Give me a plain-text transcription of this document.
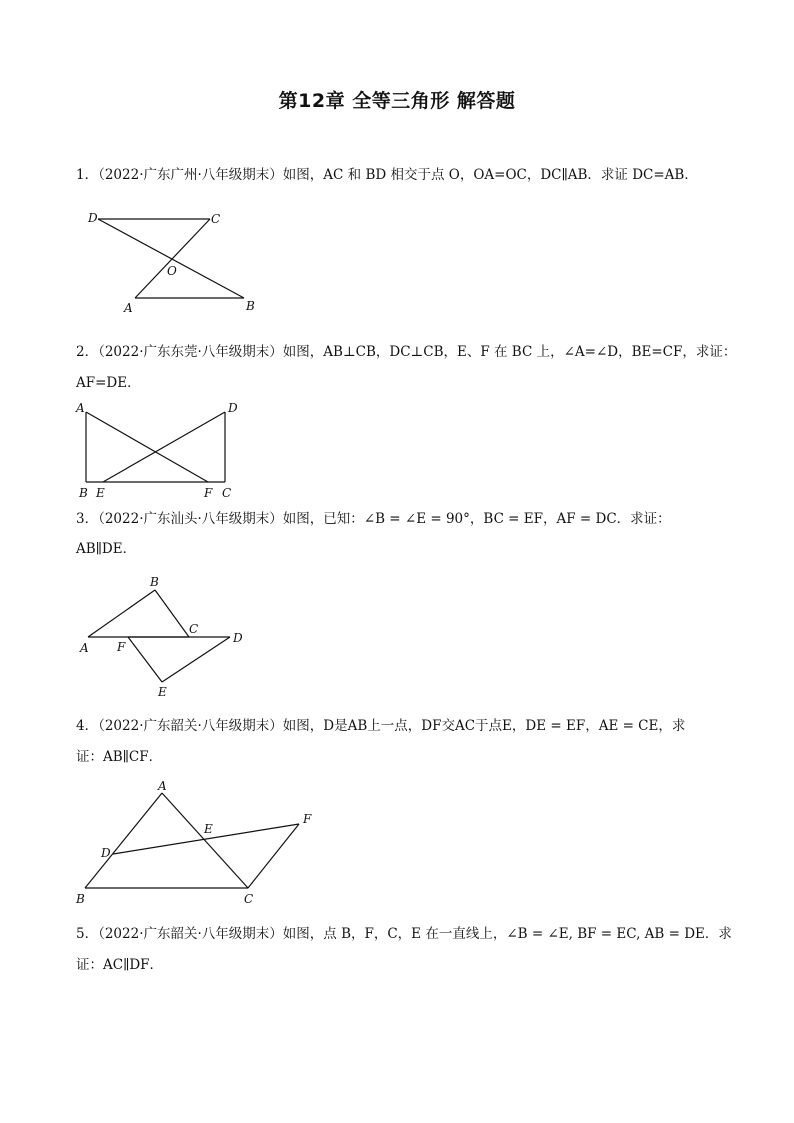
第12章 全等三角形 解答题
1．（2022·广东广州·八年级期末）如图，AC 和 BD 相交于点 O，OA=OC，DC∥AB．求证 DC=AB．
D	C
O
A	B
2．（2022·广东东莞·八年级期末）如图，AB⊥CB，DC⊥CB，E、F 在 BC 上，∠A=∠D，BE=CF，求证：
AF=DE．
A	D
B E	F C
3．（2022·广东汕头·八年级期末）如图，已知：∠B = ∠E = 90°，BC = EF，AF = DC．求证：
AB∥DE．
B
C
D
A F
E
4．（2022·广东韶关·八年级期末）如图，D是AB上一点，DF交AC于点E，DE = EF，AE = CE，求
证：AB∥CF．
A
E
F
D
B	C
5．（2022·广东韶关·八年级期末）如图，点 B，F，C，E 在一直线上，∠B = ∠E, BF = EC, AB = DE．求
证：AC∥DF．
